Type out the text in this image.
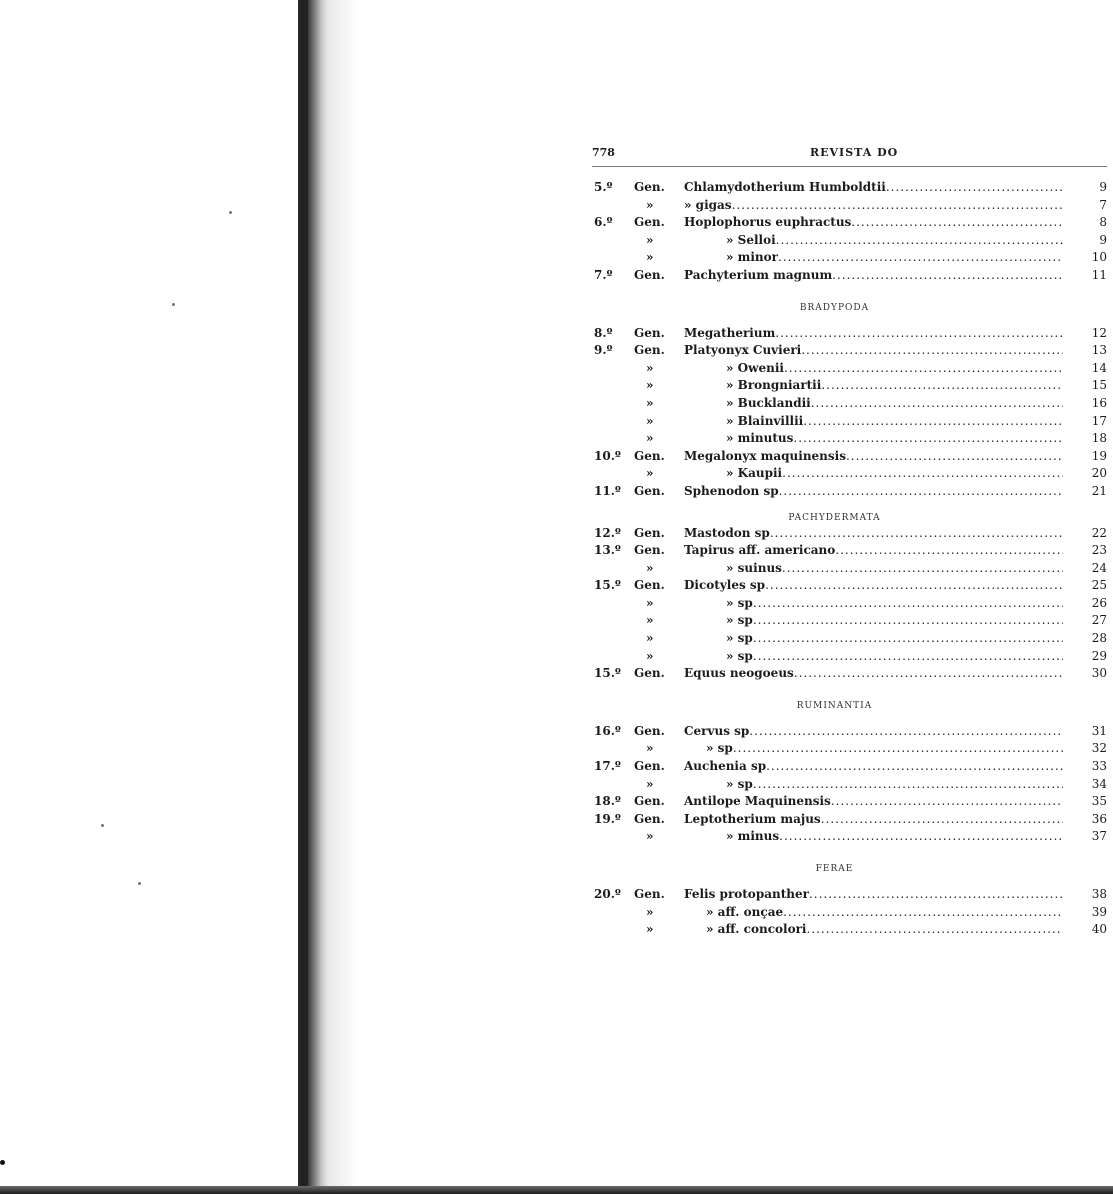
778	REVISTA DO
5.º	Gen. Chlamydotherium Humboldtii .....	9
»	» gigas .....	7
6.º	Gen. Hoplophorus euphractus .....	8
»	» Selloi .....	9
»	» minor .....	10
7.º	Gen. Pachyterium magnum .....	11
BRADYPODA
8.º	Gen. Megatherium .....	12
9.º	Gen. Platyonyx Cuvieri .....	13
»	» Owenii .....	14
»	» Brongniartii .....	15
»	» Bucklandii .....	16
»	» Blainvillii .....	17
»	» minutus .....	18
10.º	Gen. Megalonyx maquinensis .....	19
»	» Kaupii .....	20
11.º	Gen. Sphenodon sp .....	21
PACHYDERMATA
12.º	Gen. Mastodon sp .....	22
13.º	Gen. Tapirus aff. americano .....	23
»	» suinus .....	24
15.º	Gen. Dicotyles sp .....	25
»	» sp .....	26
»	» sp .....	27
»	» sp .....	28
»	» sp .....	29
15.º	Gen. Equus neogoeus .....	30
RUMINANTIA
16.º	Gen. Cervus sp .....	31
»	» sp .....	32
17.º	Gen. Auchenia sp .....	33
»	» sp .....	34
18.º	Gen. Antilope Maquinensis .....	35
19.º	Gen. Leptotherium majus .....	36
»	» minus .....	37
FERAE
20.º	Gen. Felis protopanther .....	38
»	» aff. onçae .....	39
»	» aff. concolori .....	40
